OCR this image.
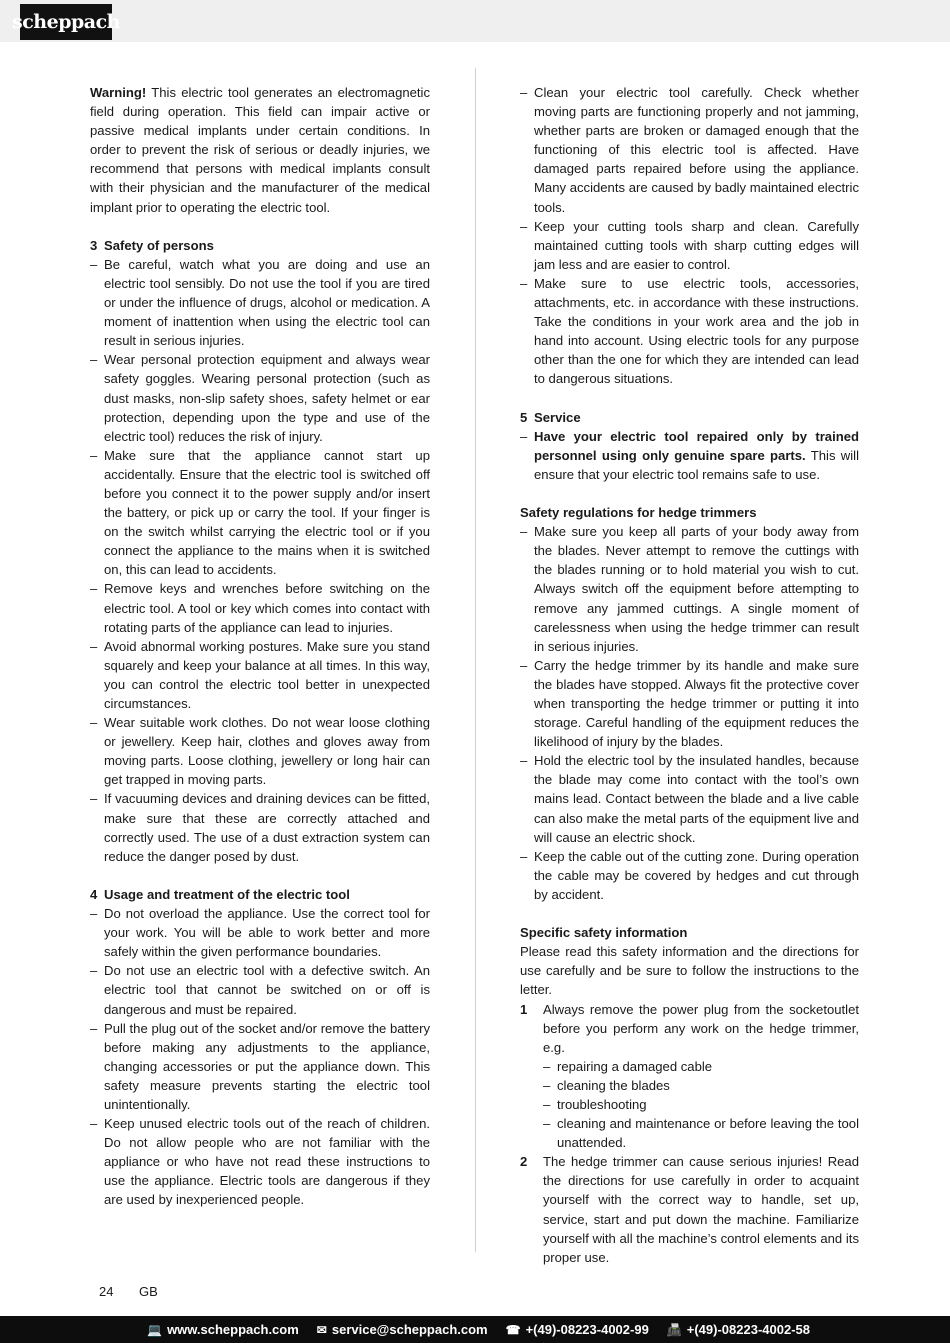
scheppach

Warning! This electric tool generates an electromagnetic field during operation. This field can impair active or passive medical implants under certain conditions. In order to prevent the risk of serious or deadly injuries, we recommend that persons with medical implants consult with their physician and the manufacturer of the medical implant prior to operating the electric tool.

3 Safety of persons
– Be careful, watch what you are doing and use an electric tool sensibly. Do not use the tool if you are tired or under the influence of drugs, alcohol or medication. A moment of inattention when using the electric tool can result in serious injuries.
– Wear personal protection equipment and always wear safety goggles. Wearing personal protection (such as dust masks, non-slip safety shoes, safety helmet or ear protection, depending upon the type and use of the electric tool) reduces the risk of injury.
– Make sure that the appliance cannot start up accidentally. Ensure that the electric tool is switched off before you connect it to the power supply and/or insert the battery, or pick up or carry the tool. If your finger is on the switch whilst carrying the electric tool or if you connect the appliance to the mains when it is switched on, this can lead to accidents.
– Remove keys and wrenches before switching on the electric tool. A tool or key which comes into contact with rotating parts of the appliance can lead to injuries.
– Avoid abnormal working postures. Make sure you stand squarely and keep your balance at all times. In this way, you can control the electric tool better in unexpected circumstances.
– Wear suitable work clothes. Do not wear loose clothing or jewellery. Keep hair, clothes and gloves away from moving parts. Loose clothing, jewellery or long hair can get trapped in moving parts.
– If vacuuming devices and draining devices can be fitted, make sure that these are correctly attached and correctly used. The use of a dust extraction system can reduce the danger posed by dust.
4 Usage and treatment of the electric tool
– Do not overload the appliance. Use the correct tool for your work. You will be able to work better and more safely within the given performance boundaries.
– Do not use an electric tool with a defective switch. An electric tool that cannot be switched on or off is dangerous and must be repaired.
– Pull the plug out of the socket and/or remove the battery before making any adjustments to the appliance, changing accessories or put the appliance down. This safety measure prevents starting the electric tool unintentionally.
– Keep unused electric tools out of the reach of children. Do not allow people who are not familiar with the appliance or who have not read these instructions to use the appliance. Electric tools are dangerous if they are used by inexperienced people.
– Clean your electric tool carefully. Check whether moving parts are functioning properly and not jamming, whether parts are broken or damaged enough that the functioning of this electric tool is affected. Have damaged parts repaired before using the appliance. Many accidents are caused by badly maintained electric tools.
– Keep your cutting tools sharp and clean. Carefully maintained cutting tools with sharp cutting edges will jam less and are easier to control.
– Make sure to use electric tools, accessories, attachments, etc. in accordance with these instructions. Take the conditions in your work area and the job in hand into account. Using electric tools for any purpose other than the one for which they are intended can lead to dangerous situations.
5 Service
– Have your electric tool repaired only by trained personnel using only genuine spare parts. This will ensure that your electric tool remains safe to use.

Safety regulations for hedge trimmers

– Make sure you keep all parts of your body away from the blades. Never attempt to remove the cuttings with the blades running or to hold material you wish to cut. Always switch off the equipment before attempting to remove any jammed cuttings. A single moment of carelessness when using the hedge trimmer can result in serious injuries.
– Carry the hedge trimmer by its handle and make sure the blades have stopped. Always fit the protective cover when transporting the hedge trimmer or putting it into storage. Careful handling of the equipment reduces the likelihood of injury by the blades.
– Hold the electric tool by the insulated handles, because the blade may come into contact with the tool’s own mains lead. Contact between the blade and a live cable can also make the metal parts of the equipment live and will cause an electric shock.
– Keep the cable out of the cutting zone. During operation the cable may be covered by hedges and cut through by accident.

Specific safety information

Please read this safety information and the directions for use carefully and be sure to follow the instructions to the letter.

1	Always remove the power plug from the socketoutlet before you perform any work on the hedge trimmer, e.g.
– repairing a damaged cable
– cleaning the blades
– troubleshooting
– cleaning and maintenance or before leaving the tool unattended.
2	The hedge trimmer can cause serious injuries! Read the directions for use carefully in order to acquaint yourself with the correct way to handle, set up, service, start and put down the machine. Familiarize yourself with all the machine’s control elements and its proper use.
24 GB
💻 www.scheppach.com ✉ service@scheppach.com ☎ +(49)-08223-4002-99 📠 +(49)-08223-4002-58
